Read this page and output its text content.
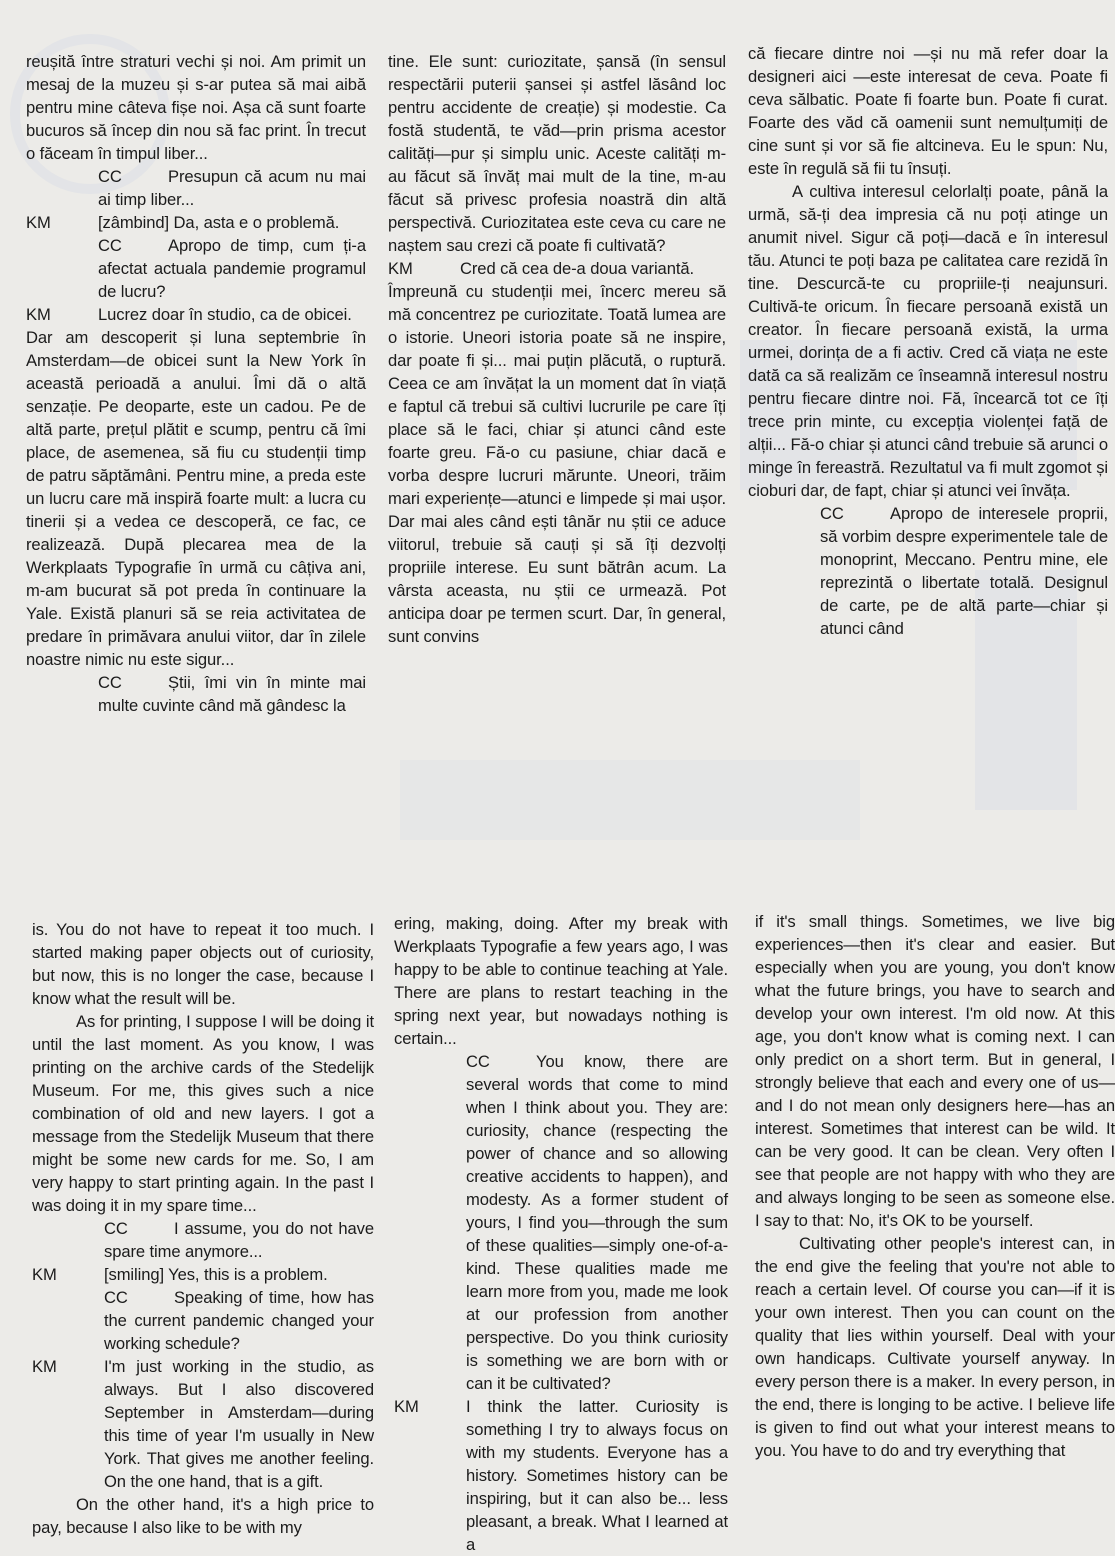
reușită între straturi vechi și noi. Am primit un mesaj de la muzeu și s-ar putea să mai aibă pentru mine câteva fișe noi. Așa că sunt foarte bucuros să încep din nou să fac print. În trecut o făceam în timpul liber...

CC	Presupun că acum nu mai ai timp liber...

KM	[zâmbind] Da, asta e o problemă.

CC	Apropo de timp, cum ți-a afectat actuala pandemie programul de lucru?

KM	Lucrez doar în studio, ca de obicei.

Dar am descoperit și luna septembrie în Amsterdam—de obicei sunt la New York în această perioadă a anului. Îmi dă o altă senzație. Pe deoparte, este un cadou. Pe de altă parte, prețul plătit e scump, pentru că îmi place, de asemenea, să fiu cu studenții timp de patru săptămâni. Pentru mine, a preda este un lucru care mă inspiră foarte mult: a lucra cu tinerii și a vedea ce descoperă, ce fac, ce realizează. După plecarea mea de la Werkplaats Typografie în urmă cu câțiva ani, m-am bucurat să pot preda în continuare la Yale. Există planuri să se reia activitatea de predare în primăvara anului viitor, dar în zilele noastre nimic nu este sigur...

CC	Știi, îmi vin în minte mai multe cuvinte când mă gândesc la

tine. Ele sunt: curiozitate, șansă (în sensul respectării puterii șansei și astfel lăsând loc pentru accidente de creație) și modestie. Ca fostă studentă, te văd—prin prisma acestor calități—pur și simplu unic. Aceste calități m-au făcut să învăț mai mult de la tine, m-au făcut să privesc profesia noastră din altă perspectivă. Curiozitatea este ceva cu care ne naștem sau crezi că poate fi cultivată?

KM	Cred că cea de-a doua variantă.

Împreună cu studenții mei, încerc mereu să mă concentrez pe curiozitate. Toată lumea are o istorie. Uneori istoria poate să ne inspire, dar poate fi și... mai puțin plăcută, o ruptură. Ceea ce am învățat la un moment dat în viață e faptul că trebui să cultivi lucrurile pe care îți place să le faci, chiar și atunci când este foarte greu. Fă-o cu pasiune, chiar dacă e vorba despre lucruri mărunte. Uneori, trăim mari experiențe—atunci e limpede și mai ușor. Dar mai ales când ești tânăr nu știi ce aduce viitorul, trebuie să cauți și să îți dezvolți propriile interese. Eu sunt bătrân acum. La vârsta aceasta, nu știi ce urmează. Pot anticipa doar pe termen scurt. Dar, în general, sunt convins

că fiecare dintre noi —și nu mă refer doar la designeri aici —este interesat de ceva. Poate fi ceva sălbatic. Poate fi foarte bun. Poate fi curat. Foarte des văd că oamenii sunt nemulțumiți de cine sunt și vor să fie altcineva. Eu le spun: Nu, este în regulă să fii tu însuți.

A cultiva interesul celorlalți poate, până la urmă, să-ți dea impresia că nu poți atinge un anumit nivel. Sigur că poți—dacă e în interesul tău. Atunci te poți baza pe calitatea care rezidă în tine. Descurcă-te cu propriile-ți neajunsuri. Cultivă-te oricum. În fiecare persoană există un creator. În fiecare persoană există, la urma urmei, dorința de a fi activ. Cred că viața ne este dată ca să realizăm ce înseamnă interesul nostru pentru fiecare dintre noi. Fă, încearcă tot ce îți trece prin minte, cu excepția violenței față de alții... Fă-o chiar și atunci când trebuie să arunci o minge în fereastră. Rezultatul va fi mult zgomot și cioburi dar, de fapt, chiar și atunci vei învăța.

CC	Apropo de interesele proprii, să vorbim despre experimentele tale de monoprint, Meccano. Pentru mine, ele reprezintă o libertate totală. Designul de carte, pe de altă parte—chiar și atunci când

is. You do not have to repeat it too much. I started making paper objects out of curiosity, but now, this is no longer the case, because I know what the result will be.

As for printing, I suppose I will be doing it until the last moment. As you know, I was printing on the archive cards of the Stedelijk Museum. For me, this gives such a nice combination of old and new layers. I got a message from the Stedelijk Museum that there might be some new cards for me. So, I am very happy to start printing again. In the past I was doing it in my spare time...

CC	I assume, you do not have spare time anymore...

KM	[smiling] Yes, this is a problem.

CC	Speaking of time, how has the current pandemic changed your working schedule?

KM	I'm just working in the studio, as always. But I also discovered September in Amsterdam—during this time of year I'm usually in New York. That gives me another feeling. On the one hand, that is a gift.

On the other hand, it's a high price to pay, because I also like to be with my

ering, making, doing. After my break with Werkplaats Typografie a few years ago, I was happy to be able to continue teaching at Yale. There are plans to restart teaching in the spring next year, but nowadays nothing is certain...

CC	You know, there are several words that come to mind when I think about you. They are: curiosity, chance (respecting the power of chance and so allowing creative accidents to happen), and modesty. As a former student of yours, I find you—through the sum of these qualities—simply one-of-a-kind. These qualities made me learn more from you, made me look at our profession from another perspective. Do you think curiosity is something we are born with or can it be cultivated?

KM	I think the latter. Curiosity is something I try to always focus on with my students. Everyone has a history. Sometimes history can be inspiring, but it can also be... less pleasant, a break. What I learned at a

if it's small things. Sometimes, we live big experiences—then it's clear and easier. But especially when you are young, you don't know what the future brings, you have to search and develop your own interest. I'm old now. At this age, you don't know what is coming next. I can only predict on a short term. But in general, I strongly believe that each and every one of us—and I do not mean only designers here—has an interest. Sometimes that interest can be wild. It can be very good. It can be clean. Very often I see that people are not happy with who they are and always longing to be seen as someone else. I say to that: No, it's OK to be yourself.

Cultivating other people's interest can, in the end give the feeling that you're not able to reach a certain level. Of course you can—if it is your own interest. Then you can count on the quality that lies within yourself. Deal with your own handicaps. Cultivate yourself anyway. In every person there is a maker. In every person, in the end, there is longing to be active. I believe life is given to find out what your interest means to you. You have to do and try everything that
